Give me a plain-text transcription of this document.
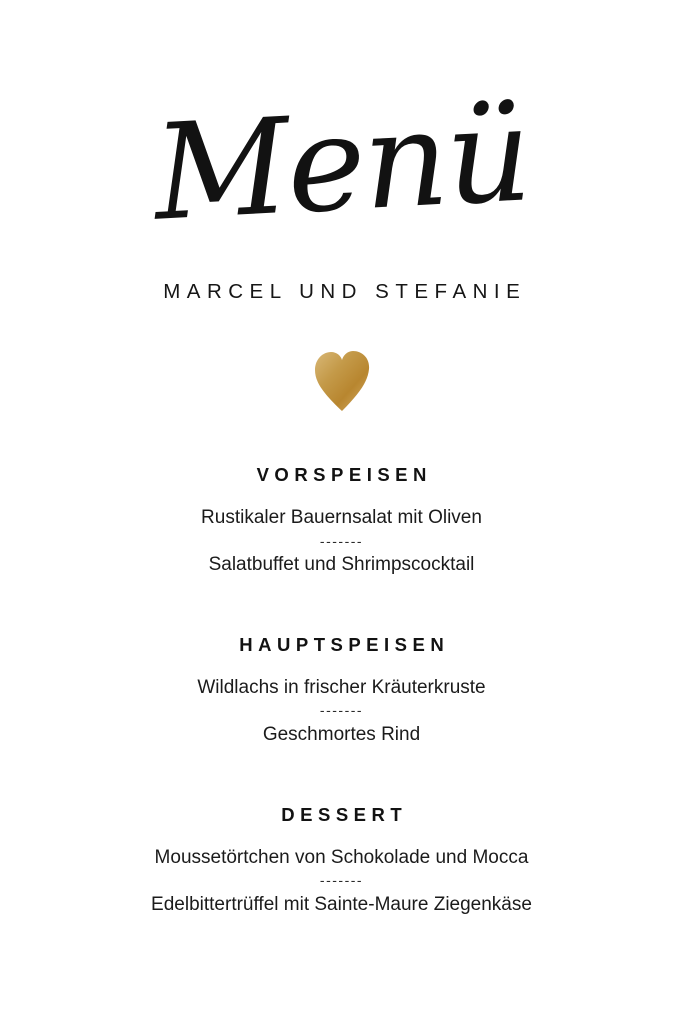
Menü
MARCEL UND STEFANIE
VORSPEISEN
Rustikaler Bauernsalat mit Oliven
-------
Salatbuffet und Shrimpscocktail
HAUPTSPEISEN
Wildlachs in frischer Kräuterkruste
-------
Geschmortes Rind
DESSERT
Moussetörtchen von Schokolade und Mocca
-------
Edelbittertrüffel mit Sainte-Maure Ziegenkäse
